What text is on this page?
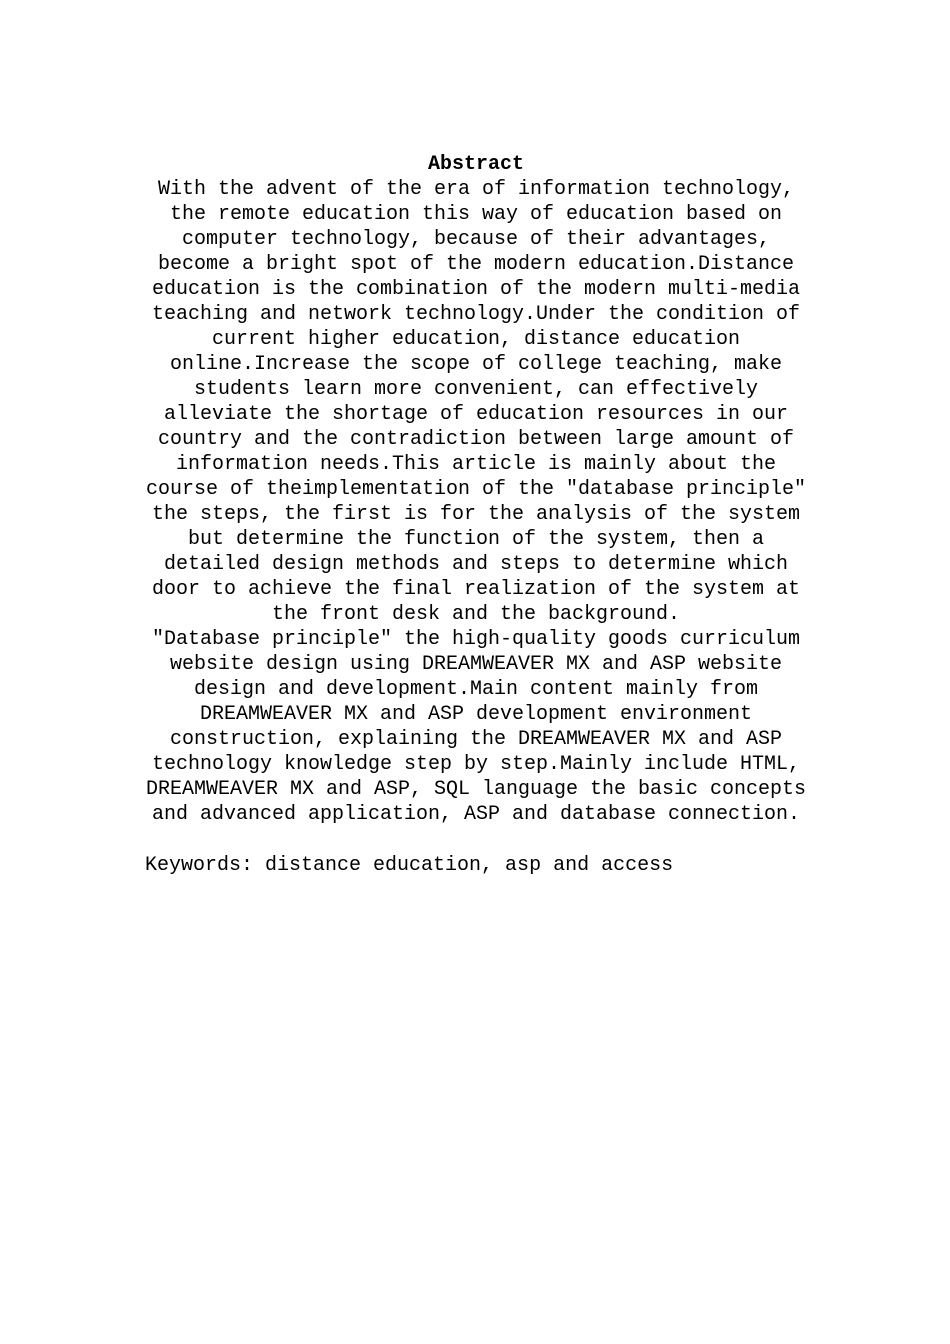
Abstract

With the advent of the era of information technology, the remote education this way of education based on computer technology, because of their advantages, become a bright spot of the modern education.Distance education is the combination of the modern multi-media teaching and network technology.Under the condition of current higher education, distance education online.Increase the scope of college teaching, make students learn more convenient, can effectively alleviate the shortage of education resources in our country and the contradiction between large amount of information needs.This article is mainly about the course of theimplementation of the "database principle" the steps, the first is for the analysis of the system but determine the function of the system, then a detailed design methods and steps to determine which door to achieve the final realization of the system at the front desk and the background.

"Database principle" the high-quality goods curriculum website design using DREAMWEAVER MX and ASP website design and development.Main content mainly from DREAMWEAVER MX and ASP development environment construction, explaining the DREAMWEAVER MX and ASP technology knowledge step by step.Mainly include HTML, DREAMWEAVER MX and ASP, SQL language the basic concepts and advanced application, ASP and database connection.

Keywords: distance education, asp and access
